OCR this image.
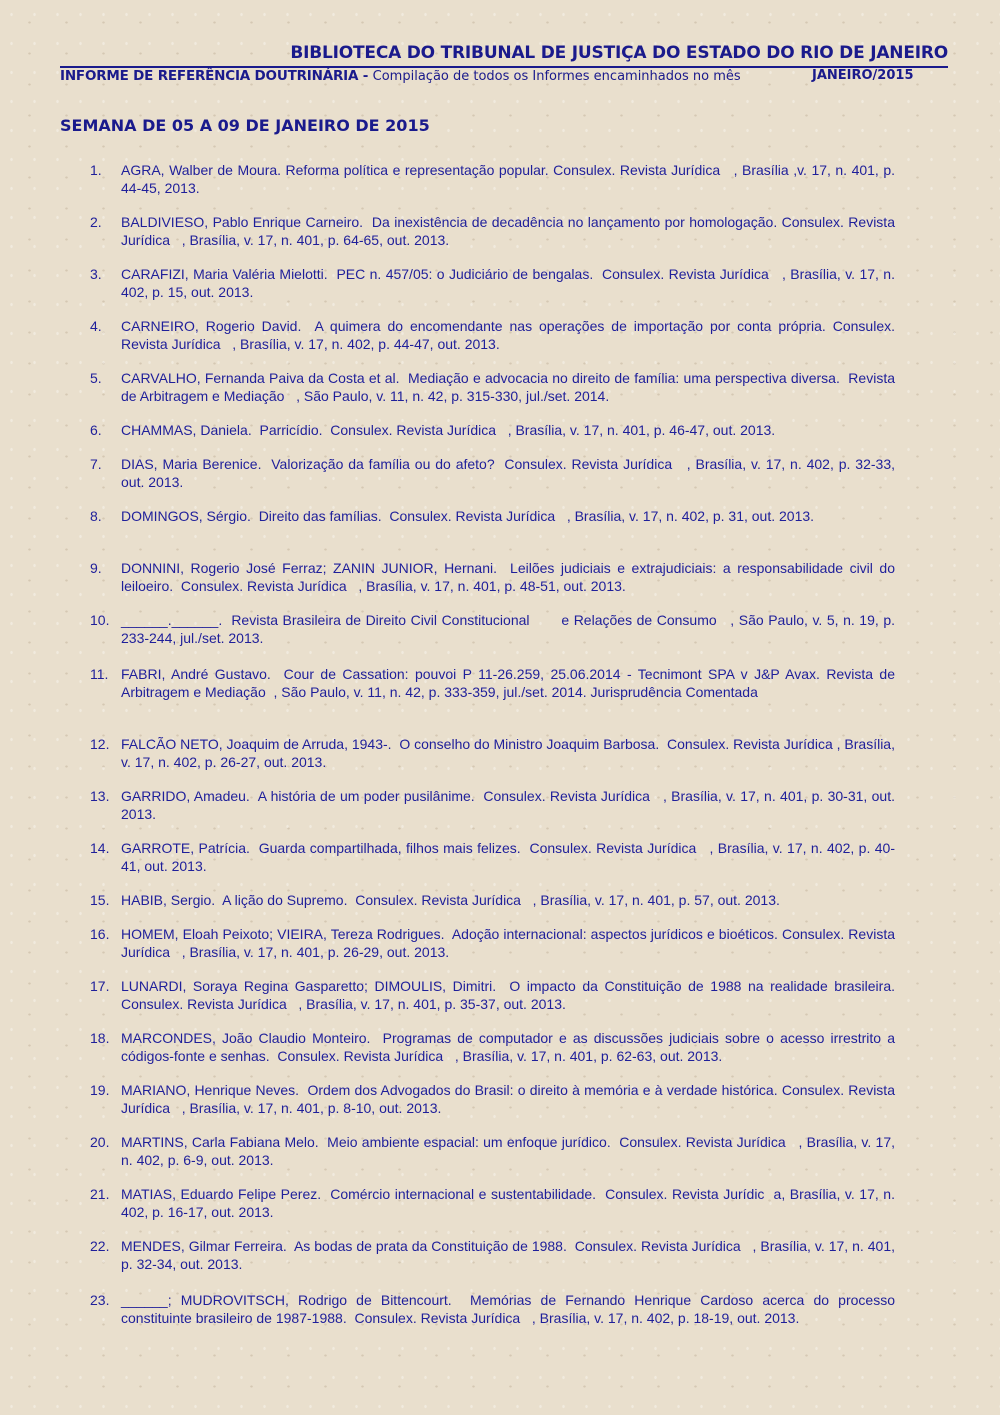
BIBLIOTECA DO TRIBUNAL DE JUSTIÇA DO ESTADO DO RIO DE JANEIRO
INFORME DE REFERÊNCIA DOUTRINÁRIA - Compilação de todos os Informes encaminhados no mês	JANEIRO/2015
SEMANA DE 05 A 09 DE JANEIRO DE 2015
1. AGRA, Walber de Moura. Reforma política e representação popular. Consulex. Revista Jurídica   , Brasília ,v. 17, n. 401, p. 44-45, 2013.
2. BALDIVIESO, Pablo Enrique Carneiro.  Da inexistência de decadência no lançamento por homologação. Consulex. Revista Jurídica   , Brasília, v. 17, n. 401, p. 64-65, out. 2013.
3. CARAFIZI, Maria Valéria Mielotti.  PEC n. 457/05: o Judiciário de bengalas.  Consulex. Revista Jurídica   , Brasília, v. 17, n. 402, p. 15, out. 2013.
4. CARNEIRO, Rogerio David.  A quimera do encomendante nas operações de importação por conta própria. Consulex. Revista Jurídica   , Brasília, v. 17, n. 402, p. 44-47, out. 2013.
5. CARVALHO, Fernanda Paiva da Costa et al.  Mediação e advocacia no direito de família: uma perspectiva diversa.  Revista de Arbitragem e Mediação   , São Paulo, v. 11, n. 42, p. 315-330, jul./set. 2014.
6. CHAMMAS, Daniela.  Parricídio.  Consulex. Revista Jurídica   , Brasília, v. 17, n. 401, p. 46-47, out. 2013.
7. DIAS, Maria Berenice.  Valorização da família ou do afeto?  Consulex. Revista Jurídica   , Brasília, v. 17, n. 402, p. 32-33, out. 2013.
8. DOMINGOS, Sérgio.  Direito das famílias.  Consulex. Revista Jurídica   , Brasília, v. 17, n. 402, p. 31, out. 2013.
9. DONNINI, Rogerio José Ferraz; ZANIN JUNIOR, Hernani.  Leilões judiciais e extrajudiciais: a responsabilidade civil do leiloeiro.  Consulex. Revista Jurídica   , Brasília, v. 17, n. 401, p. 48-51, out. 2013.
10. ______.______.  Revista Brasileira de Direito Civil Constitucional       e Relações de Consumo   , São Paulo, v. 5, n. 19, p. 233-244, jul./set. 2013.
11. FABRI, André Gustavo.  Cour de Cassation: pouvoi P 11-26.259, 25.06.2014 - Tecnimont SPA v J&P Avax. Revista de Arbitragem e Mediação  , São Paulo, v. 11, n. 42, p. 333-359, jul./set. 2014. Jurisprudência Comentada
12. FALCÃO NETO, Joaquim de Arruda, 1943-.  O conselho do Ministro Joaquim Barbosa.  Consulex. Revista Jurídica , Brasília, v. 17, n. 402, p. 26-27, out. 2013.
13. GARRIDO, Amadeu.  A história de um poder pusilânime.  Consulex. Revista Jurídica   , Brasília, v. 17, n. 401, p. 30-31, out. 2013.
14. GARROTE, Patrícia.  Guarda compartilhada, filhos mais felizes.  Consulex. Revista Jurídica   , Brasília, v. 17, n. 402, p. 40-41, out. 2013.
15. HABIB, Sergio.  A lição do Supremo.  Consulex. Revista Jurídica   , Brasília, v. 17, n. 401, p. 57, out. 2013.
16. HOMEM, Eloah Peixoto; VIEIRA, Tereza Rodrigues.  Adoção internacional: aspectos jurídicos e bioéticos. Consulex. Revista Jurídica   , Brasília, v. 17, n. 401, p. 26-29, out. 2013.
17. LUNARDI, Soraya Regina Gasparetto; DIMOULIS, Dimitri.  O impacto da Constituição de 1988 na realidade brasileira.  Consulex. Revista Jurídica   , Brasília, v. 17, n. 401, p. 35-37, out. 2013.
18. MARCONDES, João Claudio Monteiro.  Programas de computador e as discussões judiciais sobre o acesso irrestrito a códigos-fonte e senhas.  Consulex. Revista Jurídica   , Brasília, v. 17, n. 401, p. 62-63, out. 2013.
19. MARIANO, Henrique Neves.  Ordem dos Advogados do Brasil: o direito à memória e à verdade histórica. Consulex. Revista Jurídica   , Brasília, v. 17, n. 401, p. 8-10, out. 2013.
20. MARTINS, Carla Fabiana Melo.  Meio ambiente espacial: um enfoque jurídico.  Consulex. Revista Jurídica   , Brasília, v. 17, n. 402, p. 6-9, out. 2013.
21. MATIAS, Eduardo Felipe Perez.  Comércio internacional e sustentabilidade.  Consulex. Revista Jurídic  a, Brasília, v. 17, n. 402, p. 16-17, out. 2013.
22. MENDES, Gilmar Ferreira.  As bodas de prata da Constituição de 1988.  Consulex. Revista Jurídica   , Brasília, v. 17, n. 401, p. 32-34, out. 2013.
23. ______; MUDROVITSCH, Rodrigo de Bittencourt.  Memórias de Fernando Henrique Cardoso acerca do processo constituinte brasileiro de 1987-1988.  Consulex. Revista Jurídica   , Brasília, v. 17, n. 402, p. 18-19, out. 2013.
